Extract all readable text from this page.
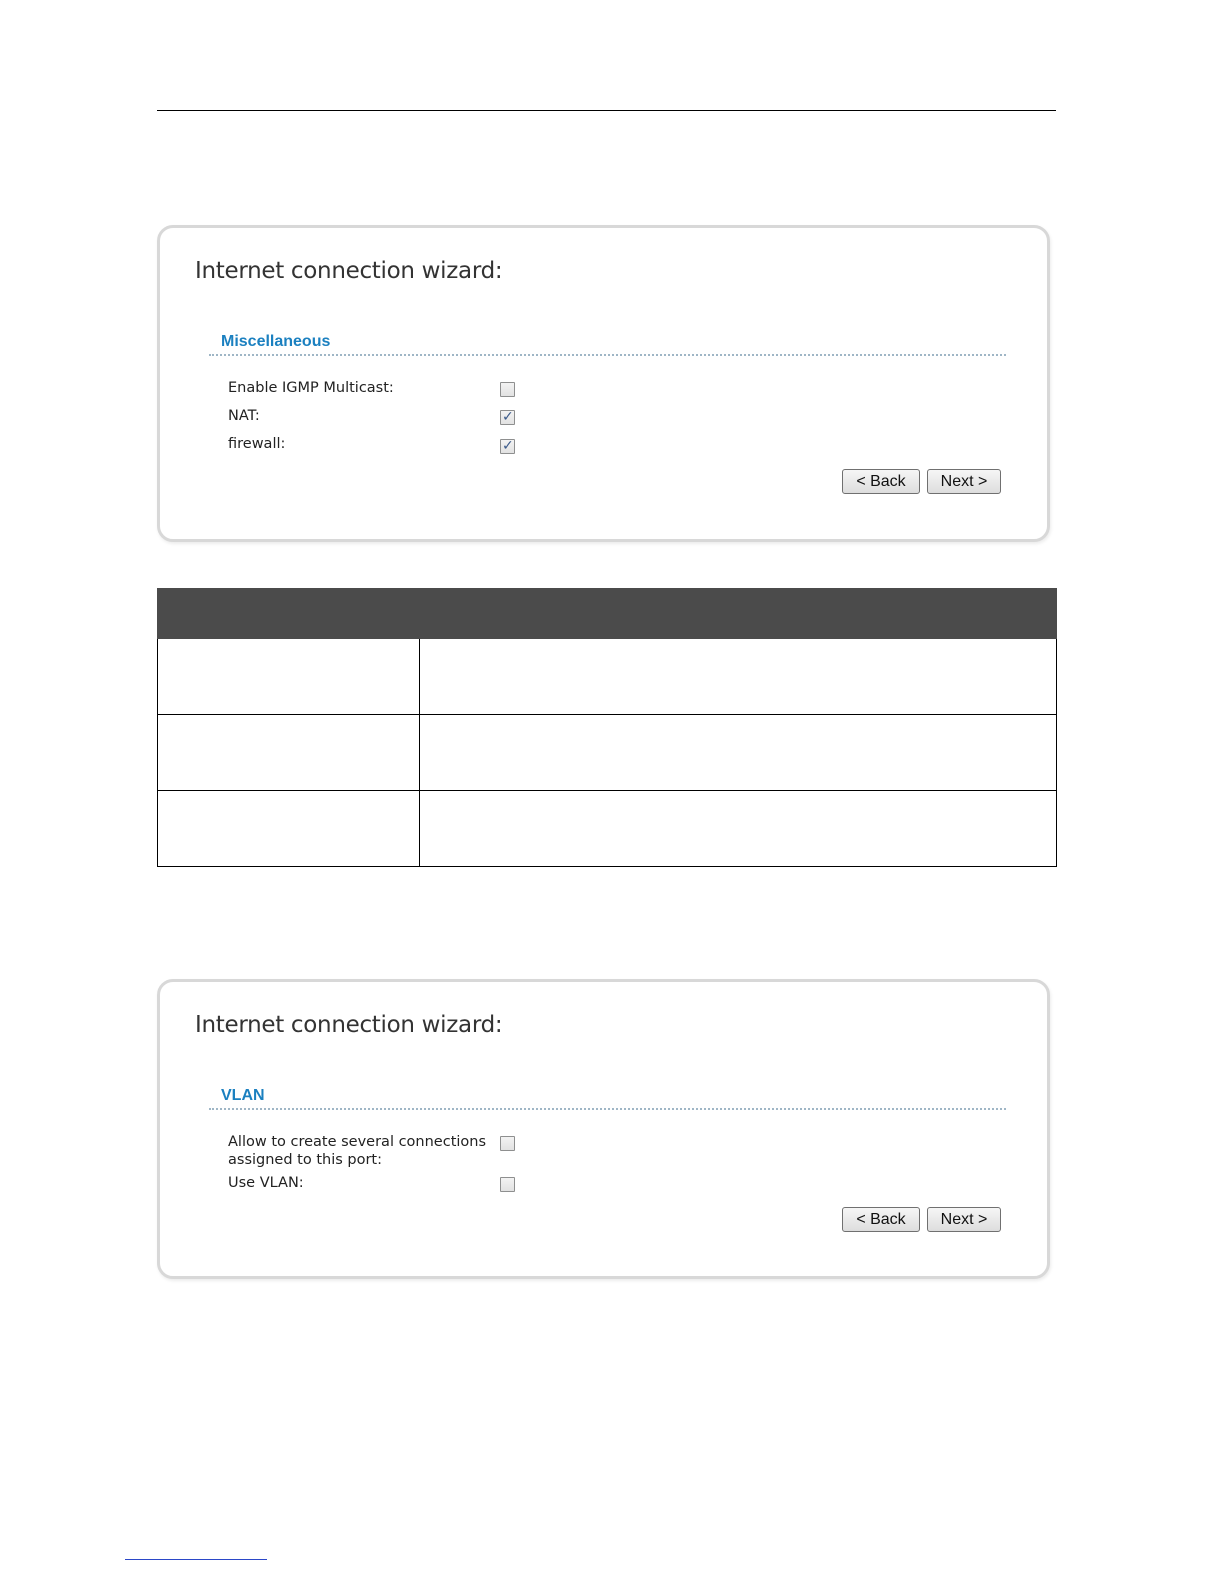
Internet connection wizard:
Miscellaneous
Enable IGMP Multicast:
NAT:	✓
firewall:	✓
< Back	Next >

Internet connection wizard:
VLAN
Allow to create several connections
assigned to this port:
Use VLAN:
< Back	Next >
